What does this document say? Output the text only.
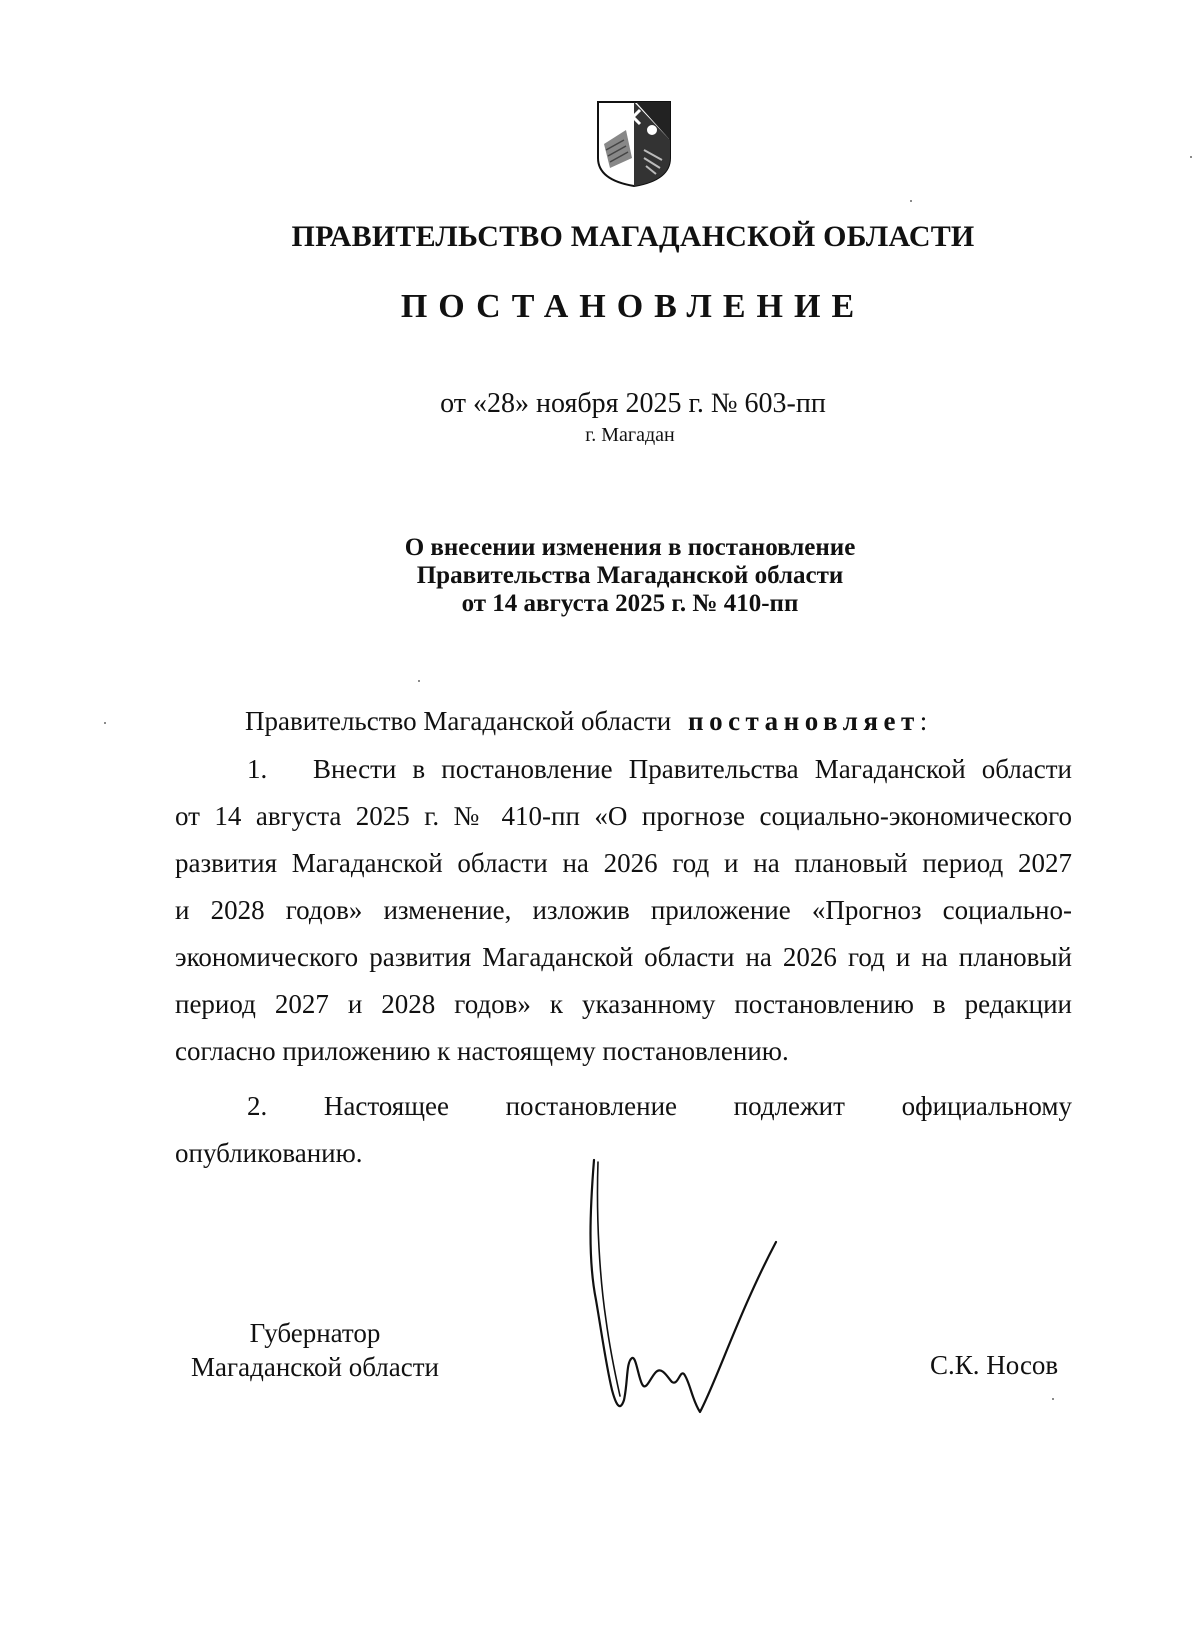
ПРАВИТЕЛЬСТВО МАГАДАНСКОЙ ОБЛАСТИ
ПОСТАНОВЛЕНИЕ
от «28» ноября 2025 г. № 603-пп
г. Магадан
О внесении изменения в постановление
Правительства Магаданской области
от 14 августа 2025 г. № 410-пп
Правительство Магаданской области постановляет:
1. Внести в постановление Правительства Магаданской области
от 14 августа 2025 г. № 410-пп «О прогнозе социально-экономического
развития Магаданской области на 2026 год и на плановый период 2027
и 2028 годов» изменение, изложив приложение «Прогноз социально-
экономического развития Магаданской области на 2026 год и на плановый
период 2027 и 2028 годов» к указанному постановлению в редакции
согласно приложению к настоящему постановлению.
2. Настоящее постановление подлежит официальному
опубликованию.
Губернатор
Магаданской области	С.К. Носов
